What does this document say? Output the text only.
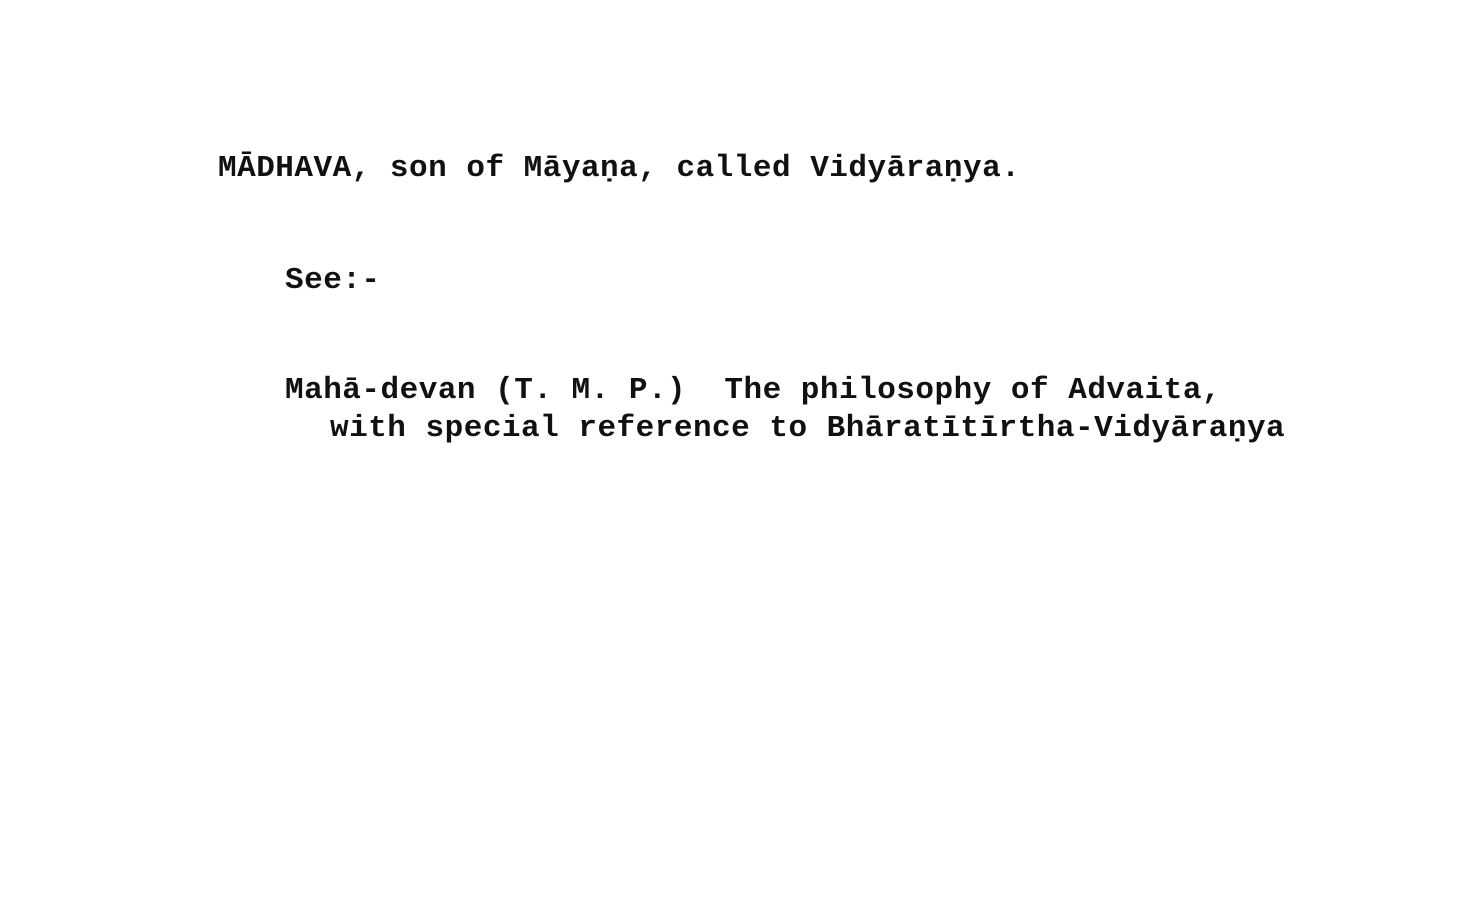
MĀDHAVA, son of Māyaṇa, called Vidyāraṇya.
See:-
Mahā-devan (T. M. P.)  The philosophy of Advaita,
with special reference to Bhāratītīrtha-Vidyāraṇya
